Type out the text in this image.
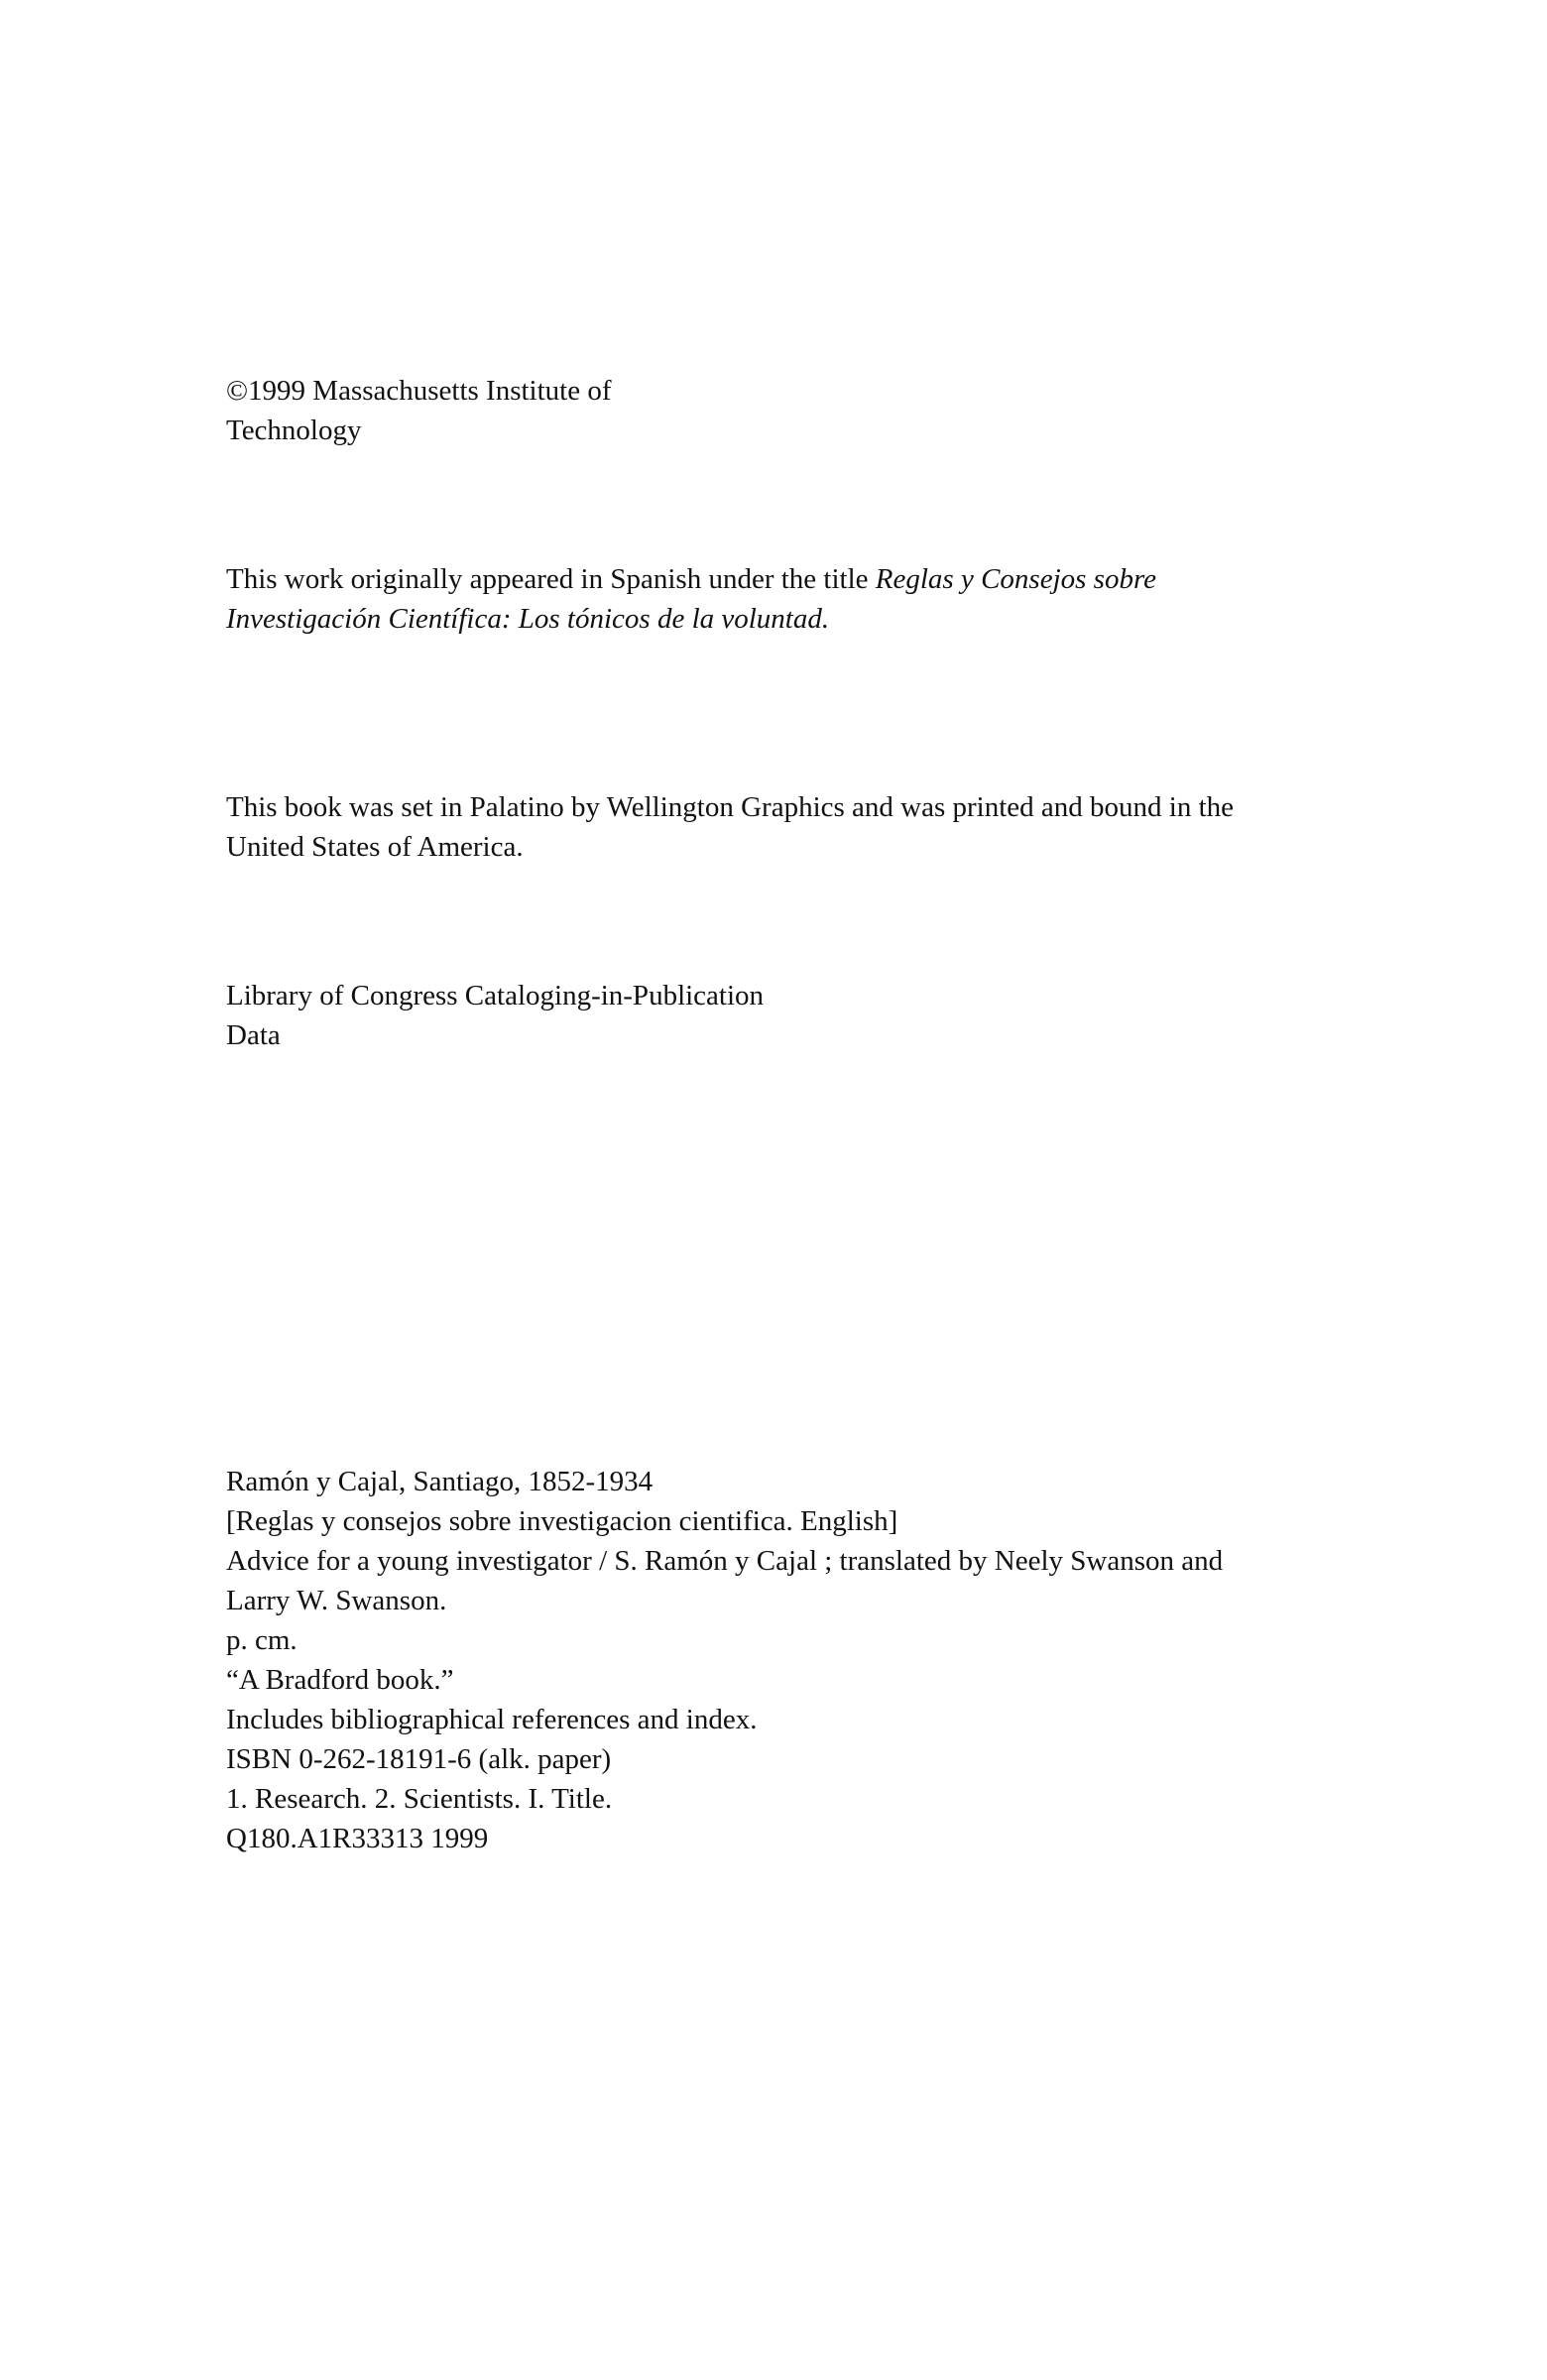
©1999 Massachusetts Institute of
Technology
This work originally appeared in Spanish under the title Reglas y Consejos sobre
Investigación Científica: Los tónicos de la voluntad.
This book was set in Palatino by Wellington Graphics and was printed and bound in the
United States of America.
Library of Congress Cataloging-in-Publication
Data
Ramón y Cajal, Santiago, 1852-1934
[Reglas y consejos sobre investigacion cientifica. English]
Advice for a young investigator / S. Ramón y Cajal ; translated by Neely Swanson and
Larry W. Swanson.
p. cm.
“A Bradford book.”
Includes bibliographical references and index.
ISBN 0-262-18191-6 (alk. paper)
1. Research. 2. Scientists. I. Title.
Q180.A1R33313 1999
